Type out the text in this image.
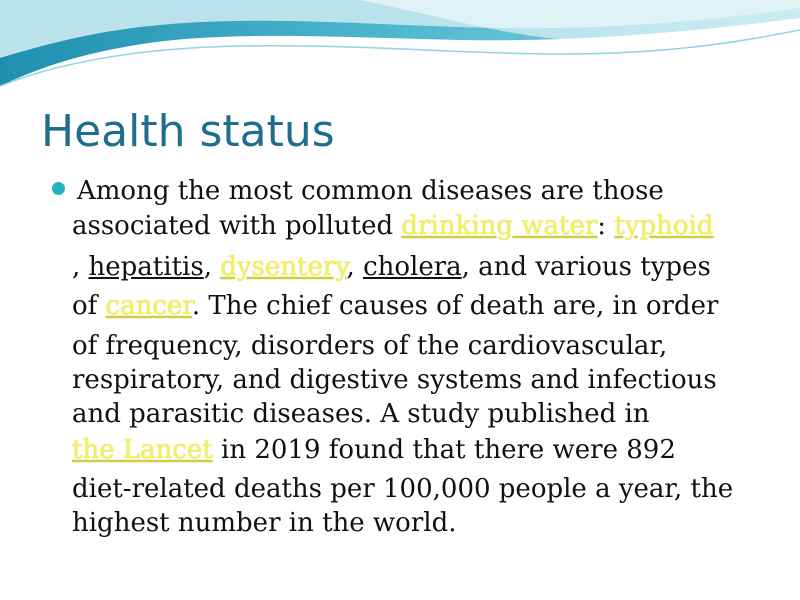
Health status
Among the most common diseases are those
associated with polluted drinking water: typhoid
, hepatitis, dysentery, cholera, and various types
of cancer. The chief causes of death are, in order
of frequency, disorders of the cardiovascular,
respiratory, and digestive systems and infectious
and parasitic diseases. A study published in
the Lancet in 2019 found that there were 892
diet-related deaths per 100,000 people a year, the
highest number in the world.
